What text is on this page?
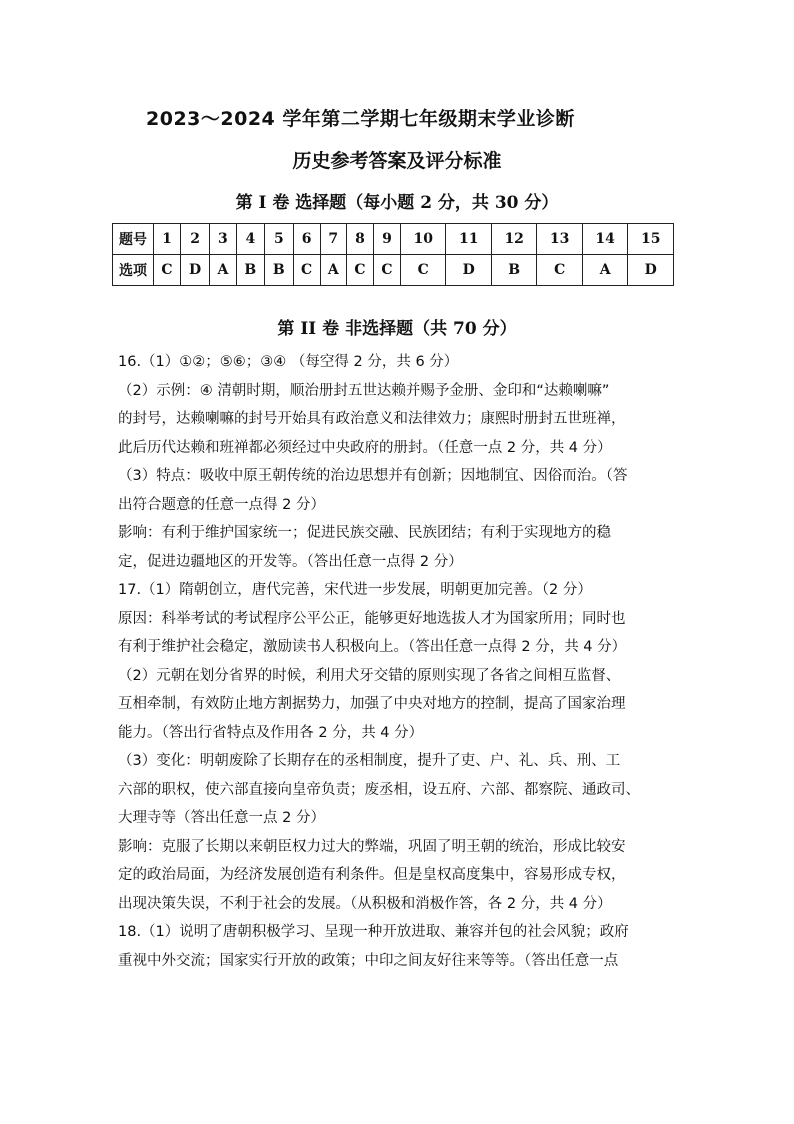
2023～2024 学年第二学期七年级期末学业诊断
历史参考答案及评分标准
第 I 卷 选择题（每小题 2 分，共 30 分）
题号	1	2	3	4	5	6	7	8	9	10	11	12	13	14	15
选项	C	D	A	B	B	C	A	C	C	C	D	B	C	A	D
第 II 卷 非选择题（共 70 分）

16.（1）①②；⑤⑥；③④ （每空得 2 分，共 6 分）

（2）示例：④ 清朝时期，顺治册封五世达赖并赐予金册、金印和“达赖喇嘛”

的封号，达赖喇嘛的封号开始具有政治意义和法律效力；康熙时册封五世班禅，

此后历代达赖和班禅都必须经过中央政府的册封。（任意一点 2 分，共 4 分）

（3）特点：吸收中原王朝传统的治边思想并有创新；因地制宜、因俗而治。（答

出符合题意的任意一点得 2 分）

影响：有利于维护国家统一；促进民族交融、民族团结；有利于实现地方的稳

定，促进边疆地区的开发等。（答出任意一点得 2 分）

17.（1）隋朝创立，唐代完善，宋代进一步发展，明朝更加完善。（2 分）

原因：科举考试的考试程序公平公正，能够更好地选拔人才为国家所用；同时也

有利于维护社会稳定，激励读书人积极向上。（答出任意一点得 2 分，共 4 分）

（2）元朝在划分省界的时候，利用犬牙交错的原则实现了各省之间相互监督、

互相牵制，有效防止地方割据势力，加强了中央对地方的控制，提高了国家治理

能力。（答出行省特点及作用各 2 分，共 4 分）

（3）变化：明朝废除了长期存在的丞相制度，提升了吏、户、礼、兵、刑、工

六部的职权，使六部直接向皇帝负责；废丞相，设五府、六部、都察院、通政司、

大理寺等（答出任意一点 2 分）

影响：克服了长期以来朝臣权力过大的弊端，巩固了明王朝的统治，形成比较安

定的政治局面，为经济发展创造有利条件。但是皇权高度集中，容易形成专权，

出现决策失误，不利于社会的发展。（从积极和消极作答，各 2 分，共 4 分）

18.（1）说明了唐朝积极学习、呈现一种开放进取、兼容并包的社会风貌；政府

重视中外交流；国家实行开放的政策；中印之间友好往来等等。（答出任意一点
